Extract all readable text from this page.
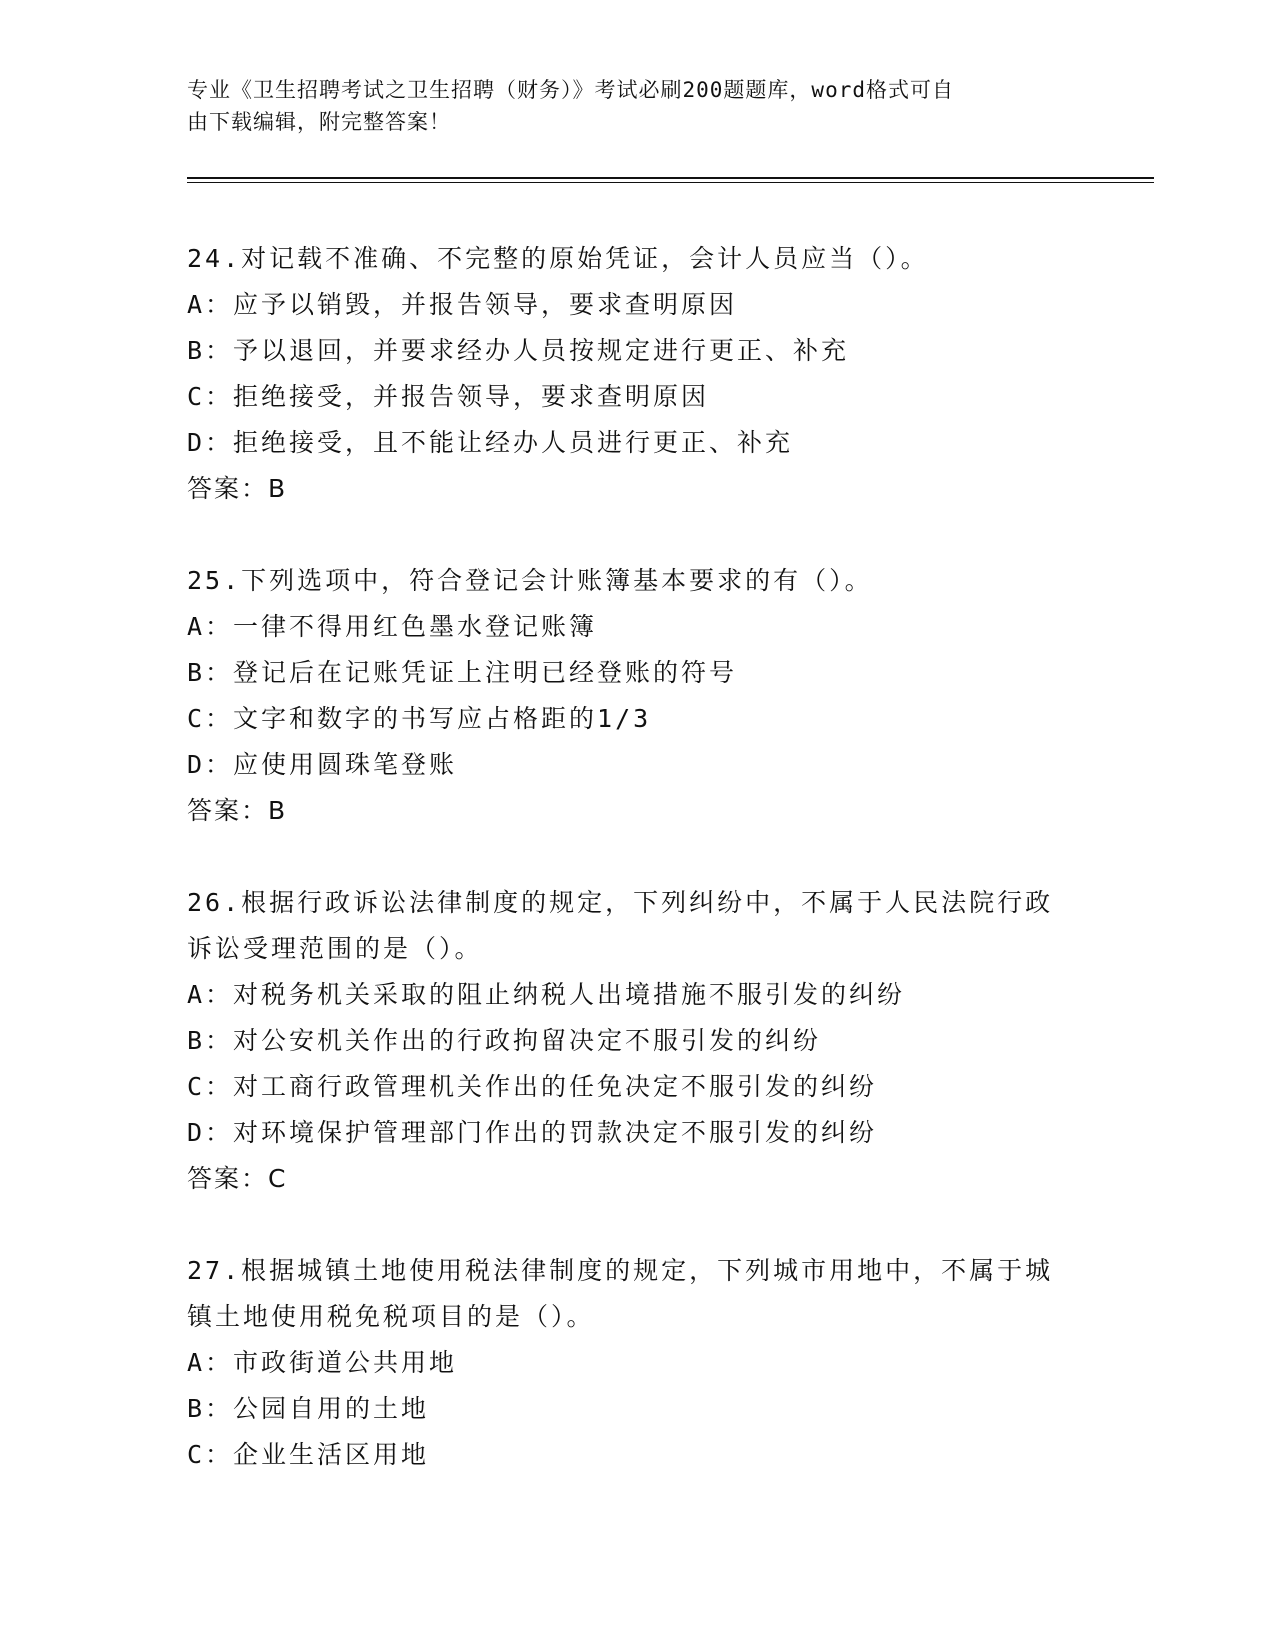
专业《卫生招聘考试之卫生招聘（财务）》考试必刷200题题库，word格式可自
由下载编辑，附完整答案！
24.对记载不准确、不完整的原始凭证，会计人员应当（）。
A：应予以销毁，并报告领导，要求查明原因
B：予以退回，并要求经办人员按规定进行更正、补充
C：拒绝接受，并报告领导，要求查明原因
D：拒绝接受，且不能让经办人员进行更正、补充
答案：B
25.下列选项中，符合登记会计账簿基本要求的有（）。
A：一律不得用红色墨水登记账簿
B：登记后在记账凭证上注明已经登账的符号
C：文字和数字的书写应占格距的1/3
D：应使用圆珠笔登账
答案：B
26.根据行政诉讼法律制度的规定，下列纠纷中，不属于人民法院行政
诉讼受理范围的是（）。
A：对税务机关采取的阻止纳税人出境措施不服引发的纠纷
B：对公安机关作出的行政拘留决定不服引发的纠纷
C：对工商行政管理机关作出的任免决定不服引发的纠纷
D：对环境保护管理部门作出的罚款决定不服引发的纠纷
答案：C
27.根据城镇土地使用税法律制度的规定，下列城市用地中，不属于城
镇土地使用税免税项目的是（）。
A：市政街道公共用地
B：公园自用的土地
C：企业生活区用地
